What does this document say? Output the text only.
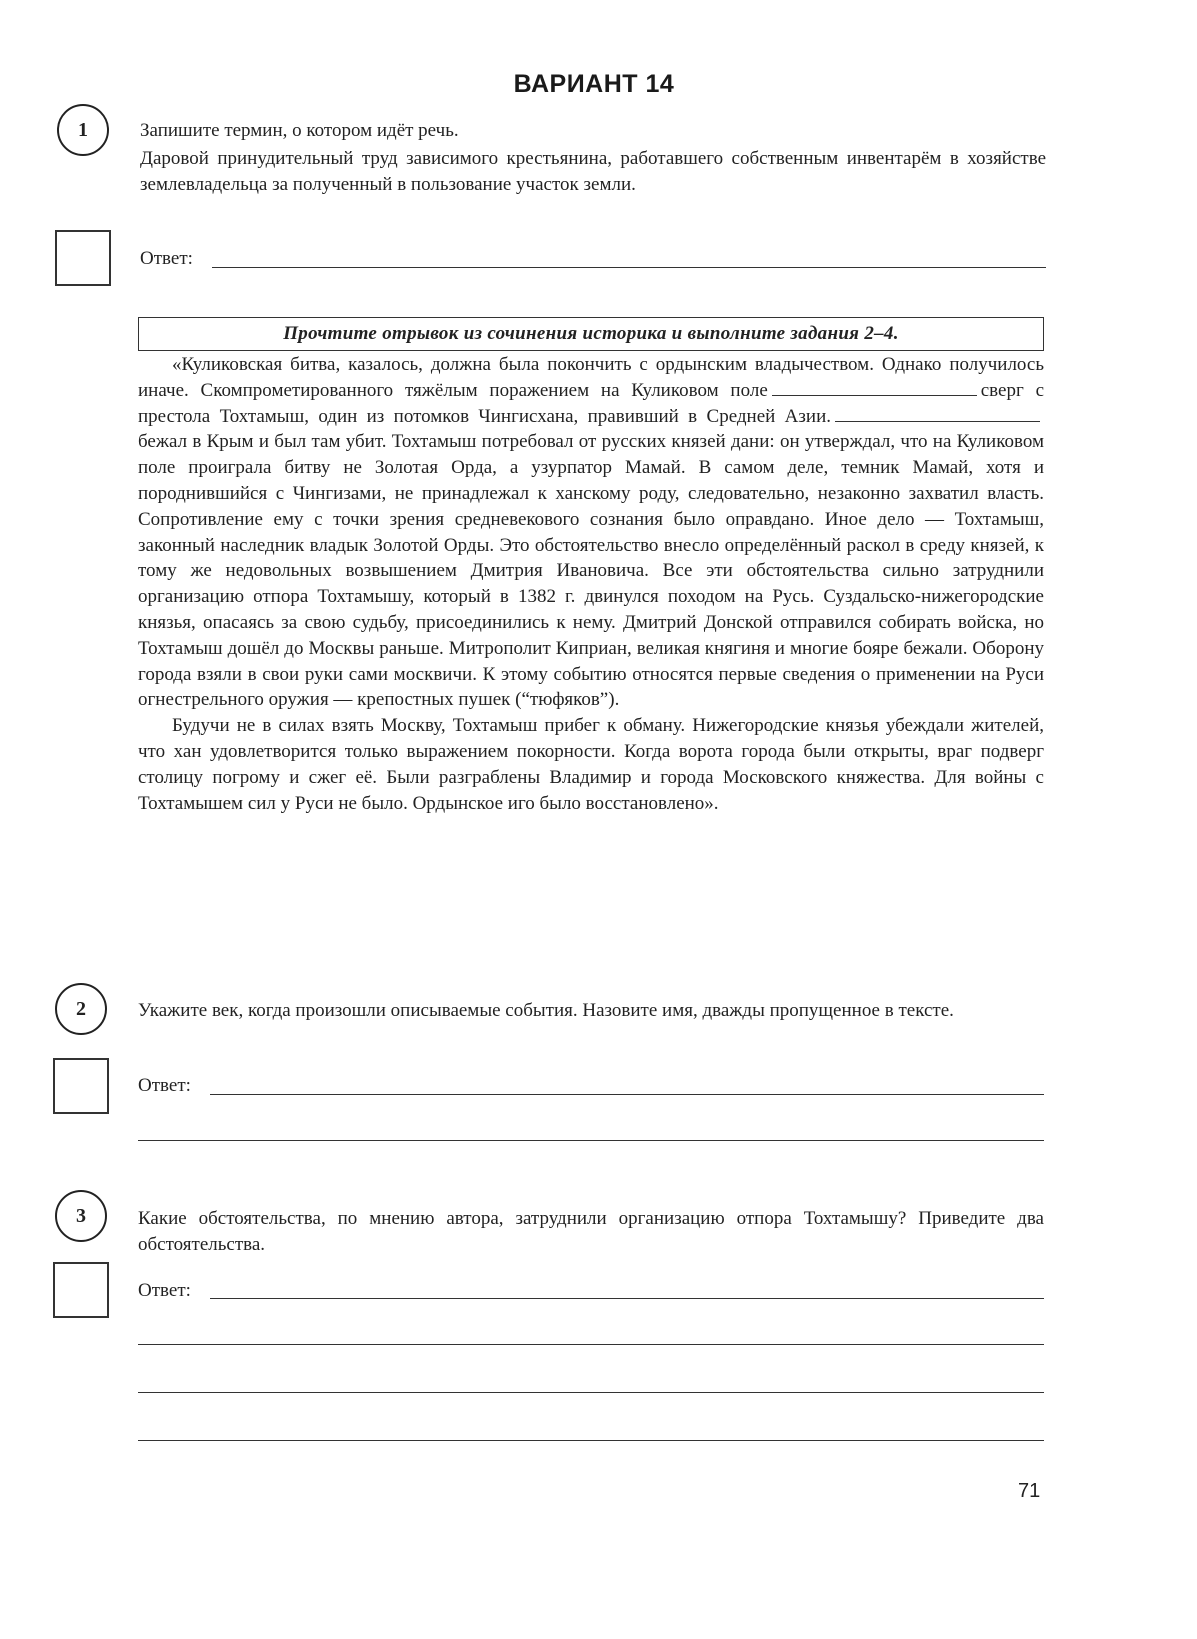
ВАРИАНТ 14
1	Запишите термин, о котором идёт речь.
Даровой принудительный труд зависимого крестьянина, работавшего собственным инвентарём в хозяйстве землевладельца за полученный в пользование участок земли.
Ответ:
Прочтите отрывок из сочинения историка и выполните задания 2–4.

«Куликовская битва, казалось, должна была покончить с ордынским владычеством. Однако получилось иначе. Скомпрометированного тяжёлым поражением на Куликовом поле	сверг с престола Тохтамыш, один из потомков Чингисхана, правивший в Средней Азии.бежал в Крым и был там убит. Тохтамыш потребовал от русских князей дани: он утверждал, что на Куликовом поле проиграла битву не Золотая Орда, а узурпатор Мамай. В самом деле, темник Мамай, хотя и породнившийся с Чингизами, не принадлежал к ханскому роду, следовательно, незаконно захватил власть. Сопротивление ему с точки зрения средневекового сознания было оправдано. Иное дело — Тохтамыш, законный наследник владык Золотой Орды. Это обстоятельство внесло определённый раскол в среду князей, к тому же недовольных возвышением Дмитрия Ивановича. Все эти обстоятельства сильно затруднили организацию отпора Тохтамышу, который в 1382 г. двинулся походом на Русь. Суздальско-нижегородские князья, опасаясь за свою судьбу, присоединились к нему. Дмитрий Донской отправился собирать войска, но Тохтамыш дошёл до Москвы раньше. Митрополит Киприан, великая княгиня и многие бояре бежали. Оборону города взяли в свои руки сами москвичи. К этому событию относятся первые сведения о применении на Руси огнестрельного оружия — крепостных пушек (“тюфяков”).

Будучи не в силах взять Москву, Тохтамыш прибег к обману. Нижегородские князья убеждали жителей, что хан удовлетворится только выражением покорности. Когда ворота города были открыты, враг подверг столицу погрому и сжег её. Были разграблены Владимир и города Московского княжества. Для войны с Тохтамышем сил у Руси не было. Ордынское иго было восстановлено».

2	Укажите век, когда произошли описываемые события. Назовите имя, дважды пропущенное в тексте.
Ответ:
3	Какие обстоятельства, по мнению автора, затруднили организацию отпора Тохтамышу? Приведите два обстоятельства.
Ответ:
71
